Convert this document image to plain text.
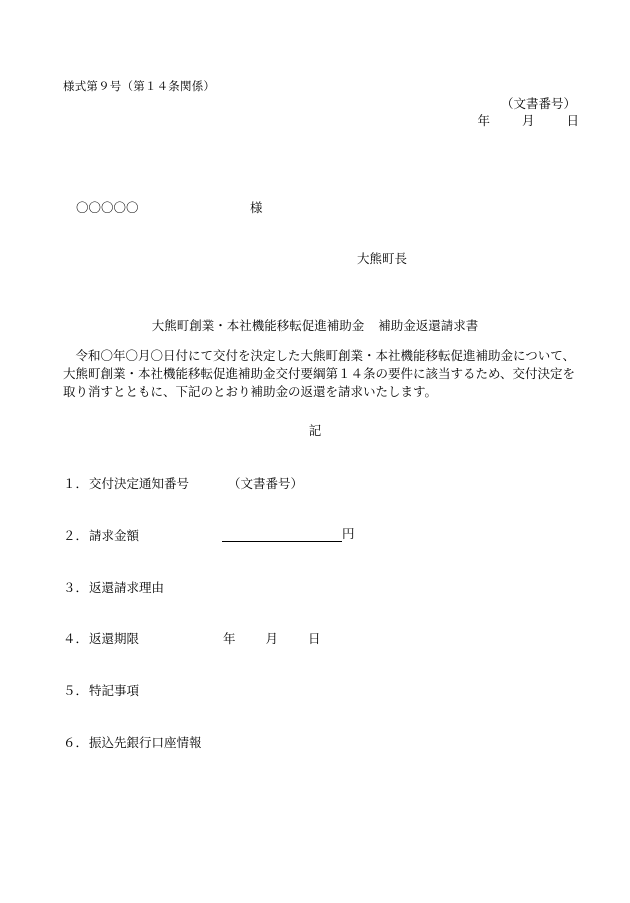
様式第９号（第１４条関係）
（文書番号）
年	月	日
〇〇〇〇〇	様
大熊町長
大熊町創業・本社機能移転促進補助金 補助金返還請求書
令和〇年〇月〇日付にて交付を決定した大熊町創業・本社機能移転促進補助金について、大熊町創業・本社機能移転促進補助金交付要綱第１４条の要件に該当するため、交付決定を取り消すとともに、下記のとおり補助金の返還を請求いたします。
記
１．交付決定通知番号	（文書番号）
２．請求金額	円
３．返還請求理由
４．返還期限	年 月 日
５．特記事項
６．振込先銀行口座情報
